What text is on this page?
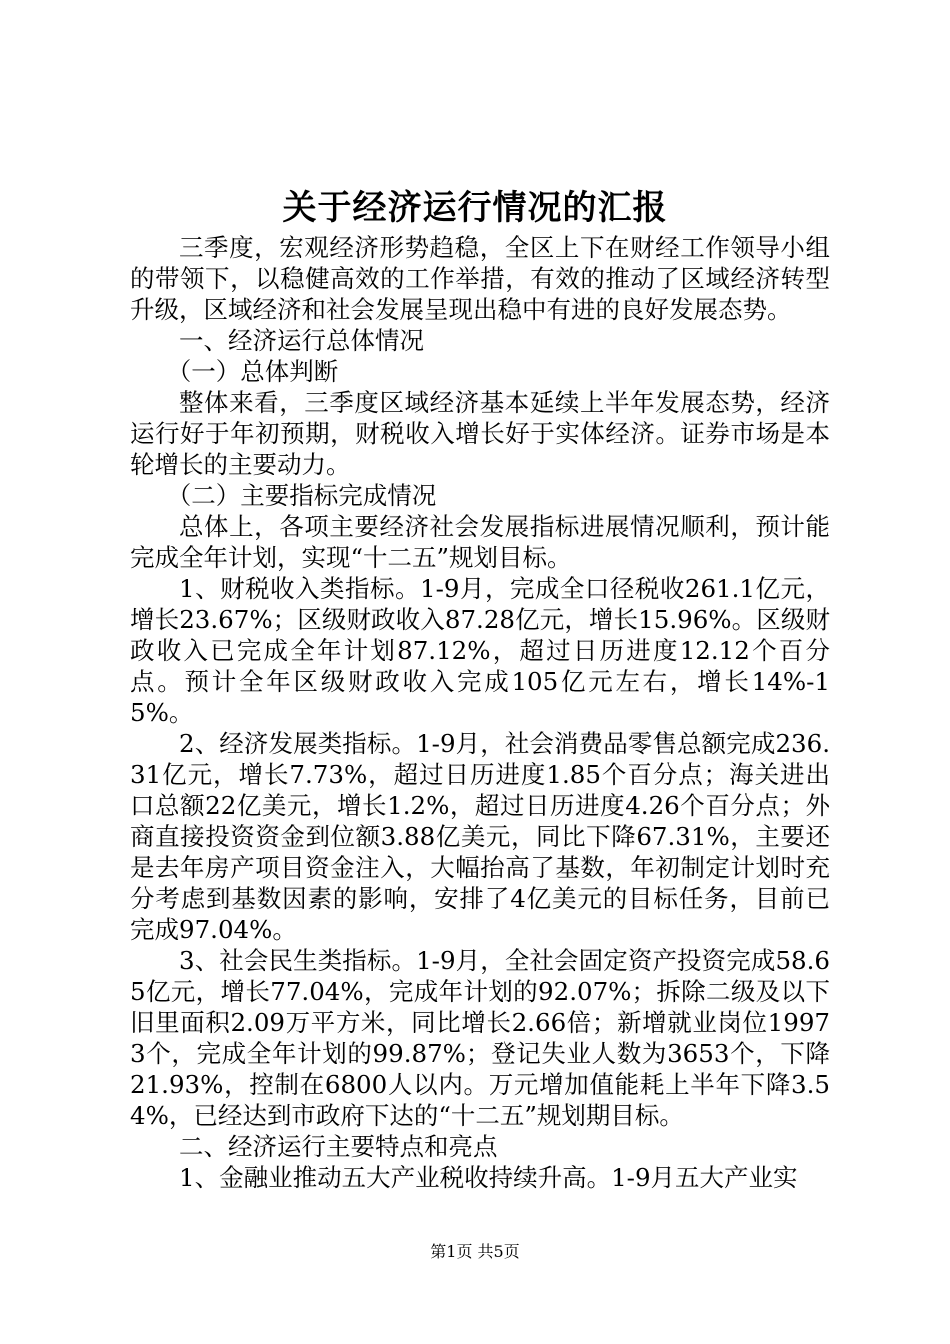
关于经济运行情况的汇报

三季度，宏观经济形势趋稳，全区上下在财经工作领导小组的带领下，以稳健高效的工作举措，有效的推动了区域经济转型升级，区域经济和社会发展呈现出稳中有进的良好发展态势。

一、经济运行总体情况

（一）总体判断

整体来看，三季度区域经济基本延续上半年发展态势，经济运行好于年初预期，财税收入增长好于实体经济。证券市场是本轮增长的主要动力。

（二）主要指标完成情况

总体上，各项主要经济社会发展指标进展情况顺利，预计能完成全年计划，实现“十二五”规划目标。

1、财税收入类指标。1-9月，完成全口径税收261.1亿元，增长23.67%；区级财政收入87.28亿元，增长15.96%。区级财政收入已完成全年计划87.12%，超过日历进度12.12个百分点。预计全年区级财政收入完成105亿元左右，增长14%-15%。

2、经济发展类指标。1-9月，社会消费品零售总额完成236.31亿元，增长7.73%，超过日历进度1.85个百分点；海关进出口总额22亿美元，增长1.2%，超过日历进度4.26个百分点；外商直接投资资金到位额3.88亿美元，同比下降67.31%，主要还是去年房产项目资金注入，大幅抬高了基数，年初制定计划时充分考虑到基数因素的影响，安排了4亿美元的目标任务，目前已完成97.04%。

3、社会民生类指标。1-9月，全社会固定资产投资完成58.65亿元，增长77.04%，完成年计划的92.07%；拆除二级及以下旧里面积2.09万平方米，同比增长2.66倍；新增就业岗位19973个，完成全年计划的99.87%；登记失业人数为3653个，下降21.93%，控制在6800人以内。万元增加值能耗上半年下降3.54%，已经达到市政府下达的“十二五”规划期目标。

二、经济运行主要特点和亮点

1、金融业推动五大产业税收持续升高。1-9月五大产业实

第1页 共5页
